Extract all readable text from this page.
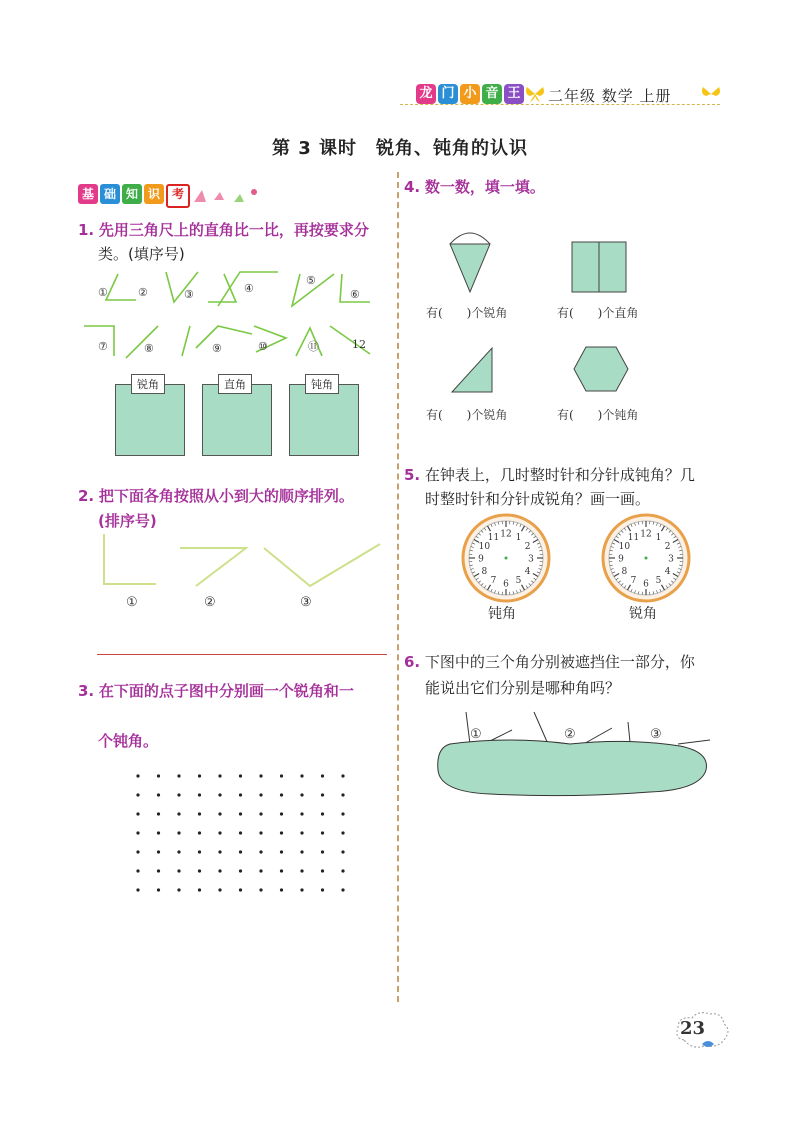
龙 门 小 音 王 二年级 数学 上册
第 3 课时　锐角、钝角的认识
基 础 知 识 考
1. 先用三角尺上的直角比一比，再按要求分
类。(填序号)
①	②	③	④
⑤
⑥
⑦	⑧	⑨	⑩	⑪	12
锐角	直角	钝角
2. 把下面各角按照从小到大的顺序排列。
(排序号)
①	②	③
3. 在下面的点子图中分别画一个锐角和一
个钝角。
4. 数一数，填一填。
有(　　)个锐角	有(　　)个直角
有(　　)个锐角	有(　　)个钝角
5. 在钟表上，几时整时针和分针成钝角？几
时整时针和分针成锐角？画一画。
12 1
2
3
4
5
6
7
8
9
10
11
钝角
12 1
2
3
4
5
6
7
8
9
10
11
锐角
6. 下图中的三个角分别被遮挡住一部分，你
能说出它们分别是哪种角吗？
①	②	③
23
